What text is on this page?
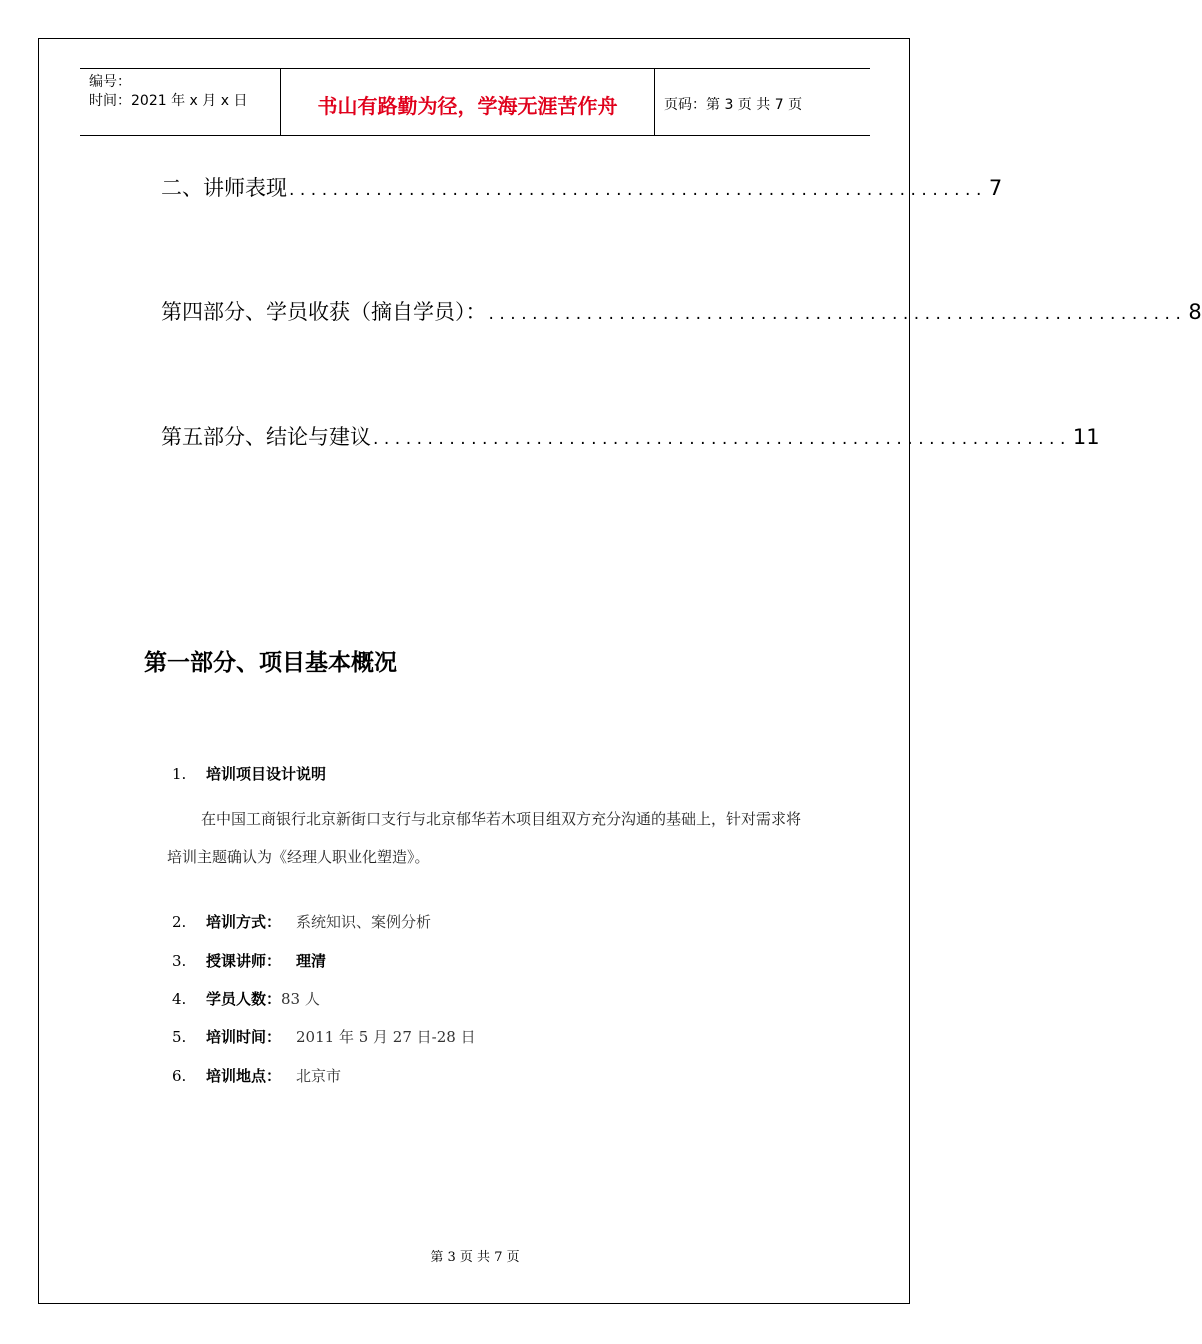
编号：
时间：2021 年 x 月 x 日	书山有路勤为径，学海无涯苦作舟	页码：第 3 页 共 7 页
二、讲师表现 ................................................................ 7
第四部分、学员收获（摘自学员）： ................................................................ 8
第五部分、结论与建议 ................................................................ 11
第一部分、项目基本概况
1.	培训项目设计说明
在中国工商银行北京新街口支行与北京郁华若木项目组双方充分沟通的基础上，针对需求将培训主题确认为《经理人职业化塑造》。
2.	培训方式：	系统知识、案例分析
3.	授课讲师：	理清
4.	学员人数： 83 人
5.	培训时间：	2011 年 5 月 27 日-28 日
6.	培训地点：	北京市
第 3 页 共 7 页
